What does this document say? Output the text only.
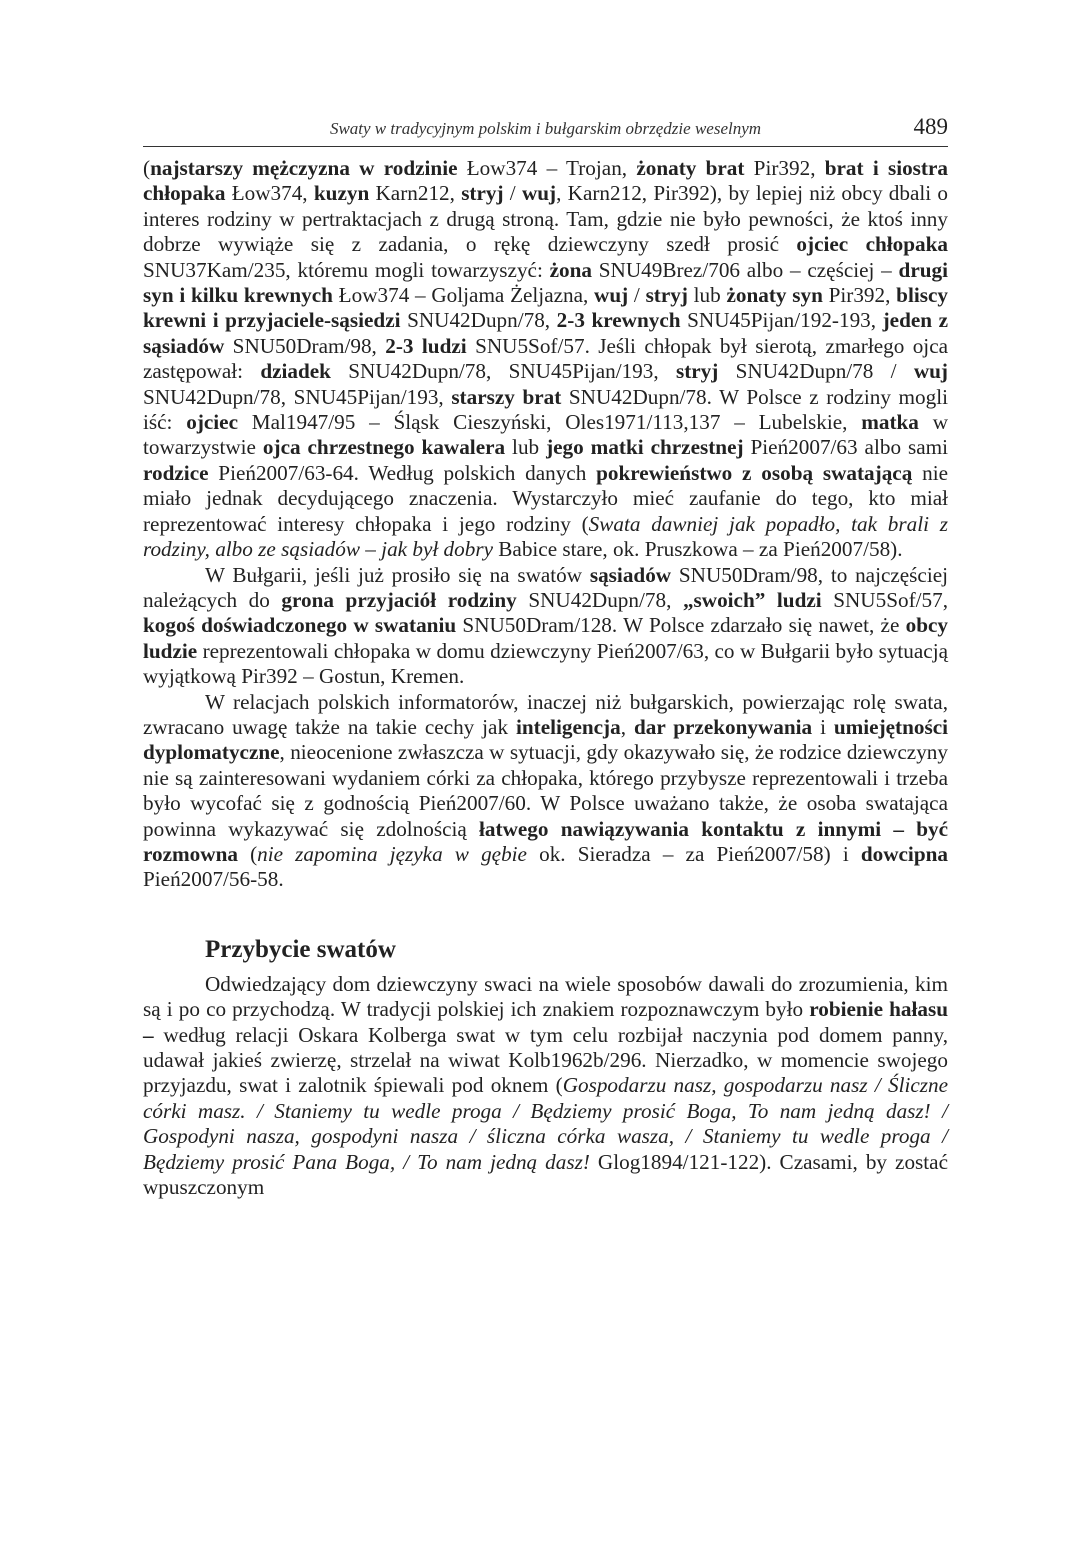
Swaty w tradycyjnym polskim i bułgarskim obrzędzie weselnym	489

(najstarszy mężczyzna w rodzinie Łow374 – Trojan, żonaty brat Pir392, brat i siostra chłopaka Łow374, kuzyn Karn212, stryj / wuj, Karn212, Pir392), by lepiej niż obcy dbali o interes rodziny w pertraktacjach z drugą stroną. Tam, gdzie nie było pewności, że ktoś inny dobrze wywiąże się z zadania, o rękę dziewczyny szedł prosić ojciec chłopaka SNU37Kam/235, któremu mogli towarzyszyć: żona SNU49Brez/706 albo – częściej – drugi syn i kilku krewnych Łow374 – Goljama Żeljazna, wuj / stryj lub żonaty syn Pir392, bliscy krewni i przyjaciele-sąsiedzi SNU42Dupn/78, 2-3 krewnych SNU45Pijan/192-193, jeden z sąsiadów SNU50Dram/98, 2-3 ludzi SNU5Sof/57. Jeśli chłopak był sierotą, zmarłego ojca zastępował: dziadek SNU42Dupn/78, SNU45Pijan/193, stryj SNU42Dupn/78 / wuj SNU42Dupn/78, SNU45Pijan/193, starszy brat SNU42Dupn/78. W Polsce z rodziny mogli iść: ojciec Mal1947/95 – Śląsk Cieszyński, Oles1971/113,137 – Lubelskie, matka w towarzystwie ojca chrzestnego kawalera lub jego matki chrzestnej Pień2007/63 albo sami rodzice Pień2007/63-64. Według polskich danych pokrewieństwo z osobą swatającą nie miało jednak decydującego znaczenia. Wystarczyło mieć zaufanie do tego, kto miał reprezentować interesy chłopaka i jego rodziny (Swata dawniej jak popadło, tak brali z rodziny, albo ze sąsiadów – jak był dobry Babice stare, ok. Pruszkowa – za Pień2007/58).

W Bułgarii, jeśli już prosiło się na swatów sąsiadów SNU50Dram/98, to najczęściej należących do grona przyjaciół rodziny SNU42Dupn/78, „swoich” ludzi SNU5Sof/57, kogoś doświadczonego w swataniu SNU50Dram/128. W Polsce zdarzało się nawet, że obcy ludzie reprezentowali chłopaka w domu dziewczyny Pień2007/63, co w Bułgarii było sytuacją wyjątkową Pir392 – Gostun, Kremen.

W relacjach polskich informatorów, inaczej niż bułgarskich, powierzając rolę swata, zwracano uwagę także na takie cechy jak inteligencja, dar przekonywania i umiejętności dyplomatyczne, nieocenione zwłaszcza w sytuacji, gdy okazywało się, że rodzice dziewczyny nie są zainteresowani wydaniem córki za chłopaka, którego przybysze reprezentowali i trzeba było wycofać się z godnością Pień2007/60. W Polsce uważano także, że osoba swatająca powinna wykazywać się zdolnością łatwego nawiązywania kontaktu z innymi – być rozmowna (nie zapomina języka w gębie ok. Sieradza – za Pień2007/58) i dowcipna Pień2007/56-58.

Przybycie swatów

Odwiedzający dom dziewczyny swaci na wiele sposobów dawali do zrozumienia, kim są i po co przychodzą. W tradycji polskiej ich znakiem rozpoznawczym było robienie hałasu – według relacji Oskara Kolberga swat w tym celu rozbijał naczynia pod domem panny, udawał jakieś zwierzę, strzelał na wiwat Kolb1962b/296. Nierzadko, w momencie swojego przyjazdu, swat i zalotnik śpiewali pod oknem (Gospodarzu nasz, gospodarzu nasz / Śliczne córki masz. / Staniemy tu wedle proga / Będziemy prosić Boga, To nam jedną dasz! / Gospodyni nasza, gospodyni nasza / śliczna córka wasza, / Staniemy tu wedle proga / Będziemy prosić Pana Boga, / To nam jedną dasz! Glog1894/121-122). Czasami, by zostać wpuszczonym
